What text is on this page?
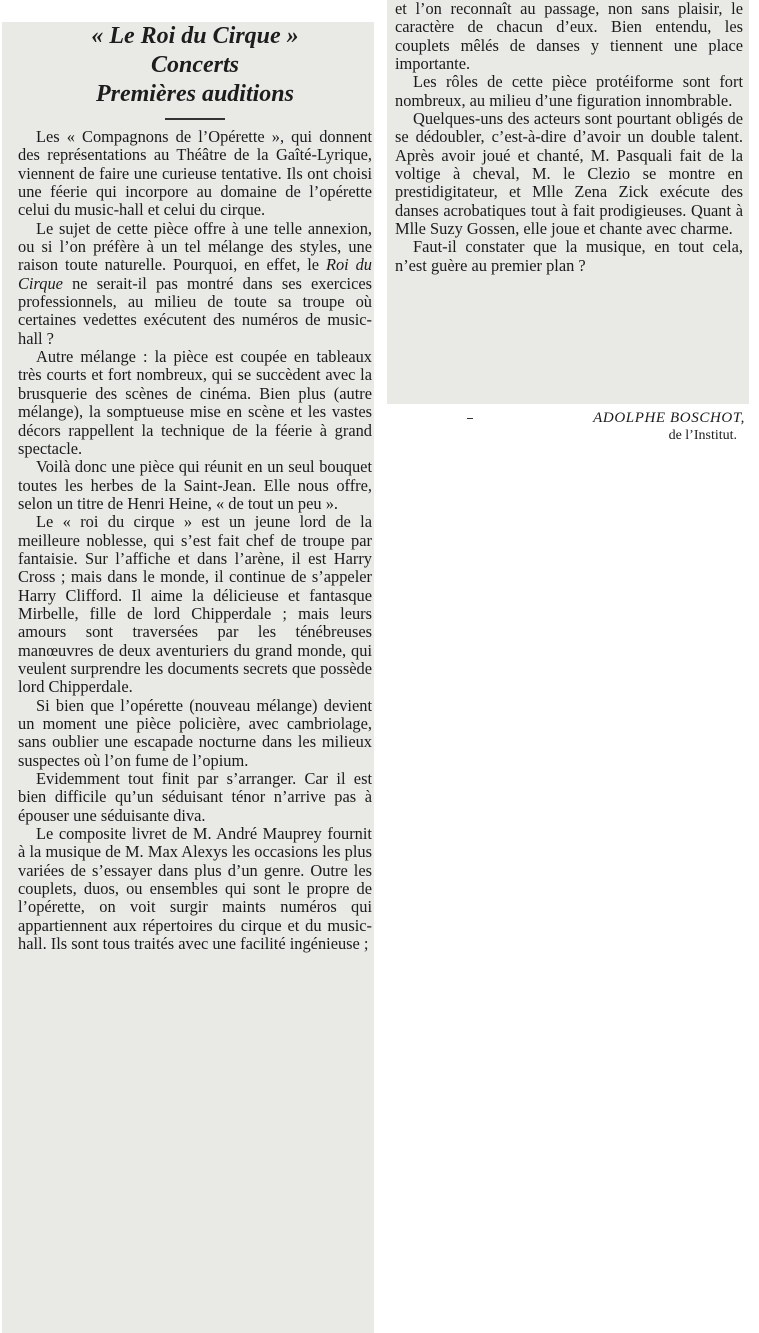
« Le Roi du Cirque »

Concerts

Premières auditions

Les « Compagnons de l’Opérette », qui donnent des représentations au Théâtre de la Gaîté-Lyrique, viennent de faire une curieuse tentative. Ils ont choisi une féerie qui incorpore au domaine de l’opérette celui du music-hall et celui du cirque.

Le sujet de cette pièce offre à une telle annexion, ou si l’on préfère à un tel mélange des styles, une raison toute naturelle. Pourquoi, en effet, le Roi du Cirque ne serait-il pas montré dans ses exercices professionnels, au milieu de toute sa troupe où certaines vedettes exécutent des numéros de music-hall ?

Autre mélange : la pièce est coupée en tableaux très courts et fort nombreux, qui se succèdent avec la brusquerie des scènes de cinéma. Bien plus (autre mélange), la somptueuse mise en scène et les vastes décors rappellent la technique de la féerie à grand spectacle.

Voilà donc une pièce qui réunit en un seul bouquet toutes les herbes de la Saint-Jean. Elle nous offre, selon un titre de Henri Heine, « de tout un peu ».

Le « roi du cirque » est un jeune lord de la meilleure noblesse, qui s’est fait chef de troupe par fantaisie. Sur l’affiche et dans l’arène, il est Harry Cross ; mais dans le monde, il continue de s’appeler Harry Clifford. Il aime la délicieuse et fantasque Mirbelle, fille de lord Chipperdale ; mais leurs amours sont traversées par les ténébreuses manœuvres de deux aventuriers du grand monde, qui veulent surprendre les documents secrets que possède lord Chipperdale.

Si bien que l’opérette (nouveau mélange) devient un moment une pièce policière, avec cambriolage, sans oublier une escapade nocturne dans les milieux suspectes où l’on fume de l’opium.

Evidemment tout finit par s’arranger. Car il est bien difficile qu’un séduisant ténor n’arrive pas à épouser une séduisante diva.

Le composite livret de M. André Mauprey fournit à la musique de M. Max Alexys les occasions les plus variées de s’essayer dans plus d’un genre. Outre les couplets, duos, ou ensembles qui sont le propre de l’opérette, on voit surgir maints numéros qui appartiennent aux répertoires du cirque et du music-hall. Ils sont tous traités avec une facilité ingénieuse ;

et l’on reconnaît au passage, non sans plaisir, le caractère de chacun d’eux. Bien entendu, les couplets mêlés de danses y tiennent une place importante.

Les rôles de cette pièce protéiforme sont fort nombreux, au milieu d’une figuration innombrable.

Quelques-uns des acteurs sont pourtant obligés de se dédoubler, c’est-à-dire d’avoir un double talent. Après avoir joué et chanté, M. Pasquali fait de la voltige à cheval, M. le Clezio se montre en prestidigitateur, et Mlle Zena Zick exécute des danses acrobatiques tout à fait prodigieuses. Quant à Mlle Suzy Gossen, elle joue et chante avec charme.

Faut-il constater que la musique, en tout cela, n’est guère au premier plan ?

ADOLPHE BOSCHOT,
de l’Institut.
